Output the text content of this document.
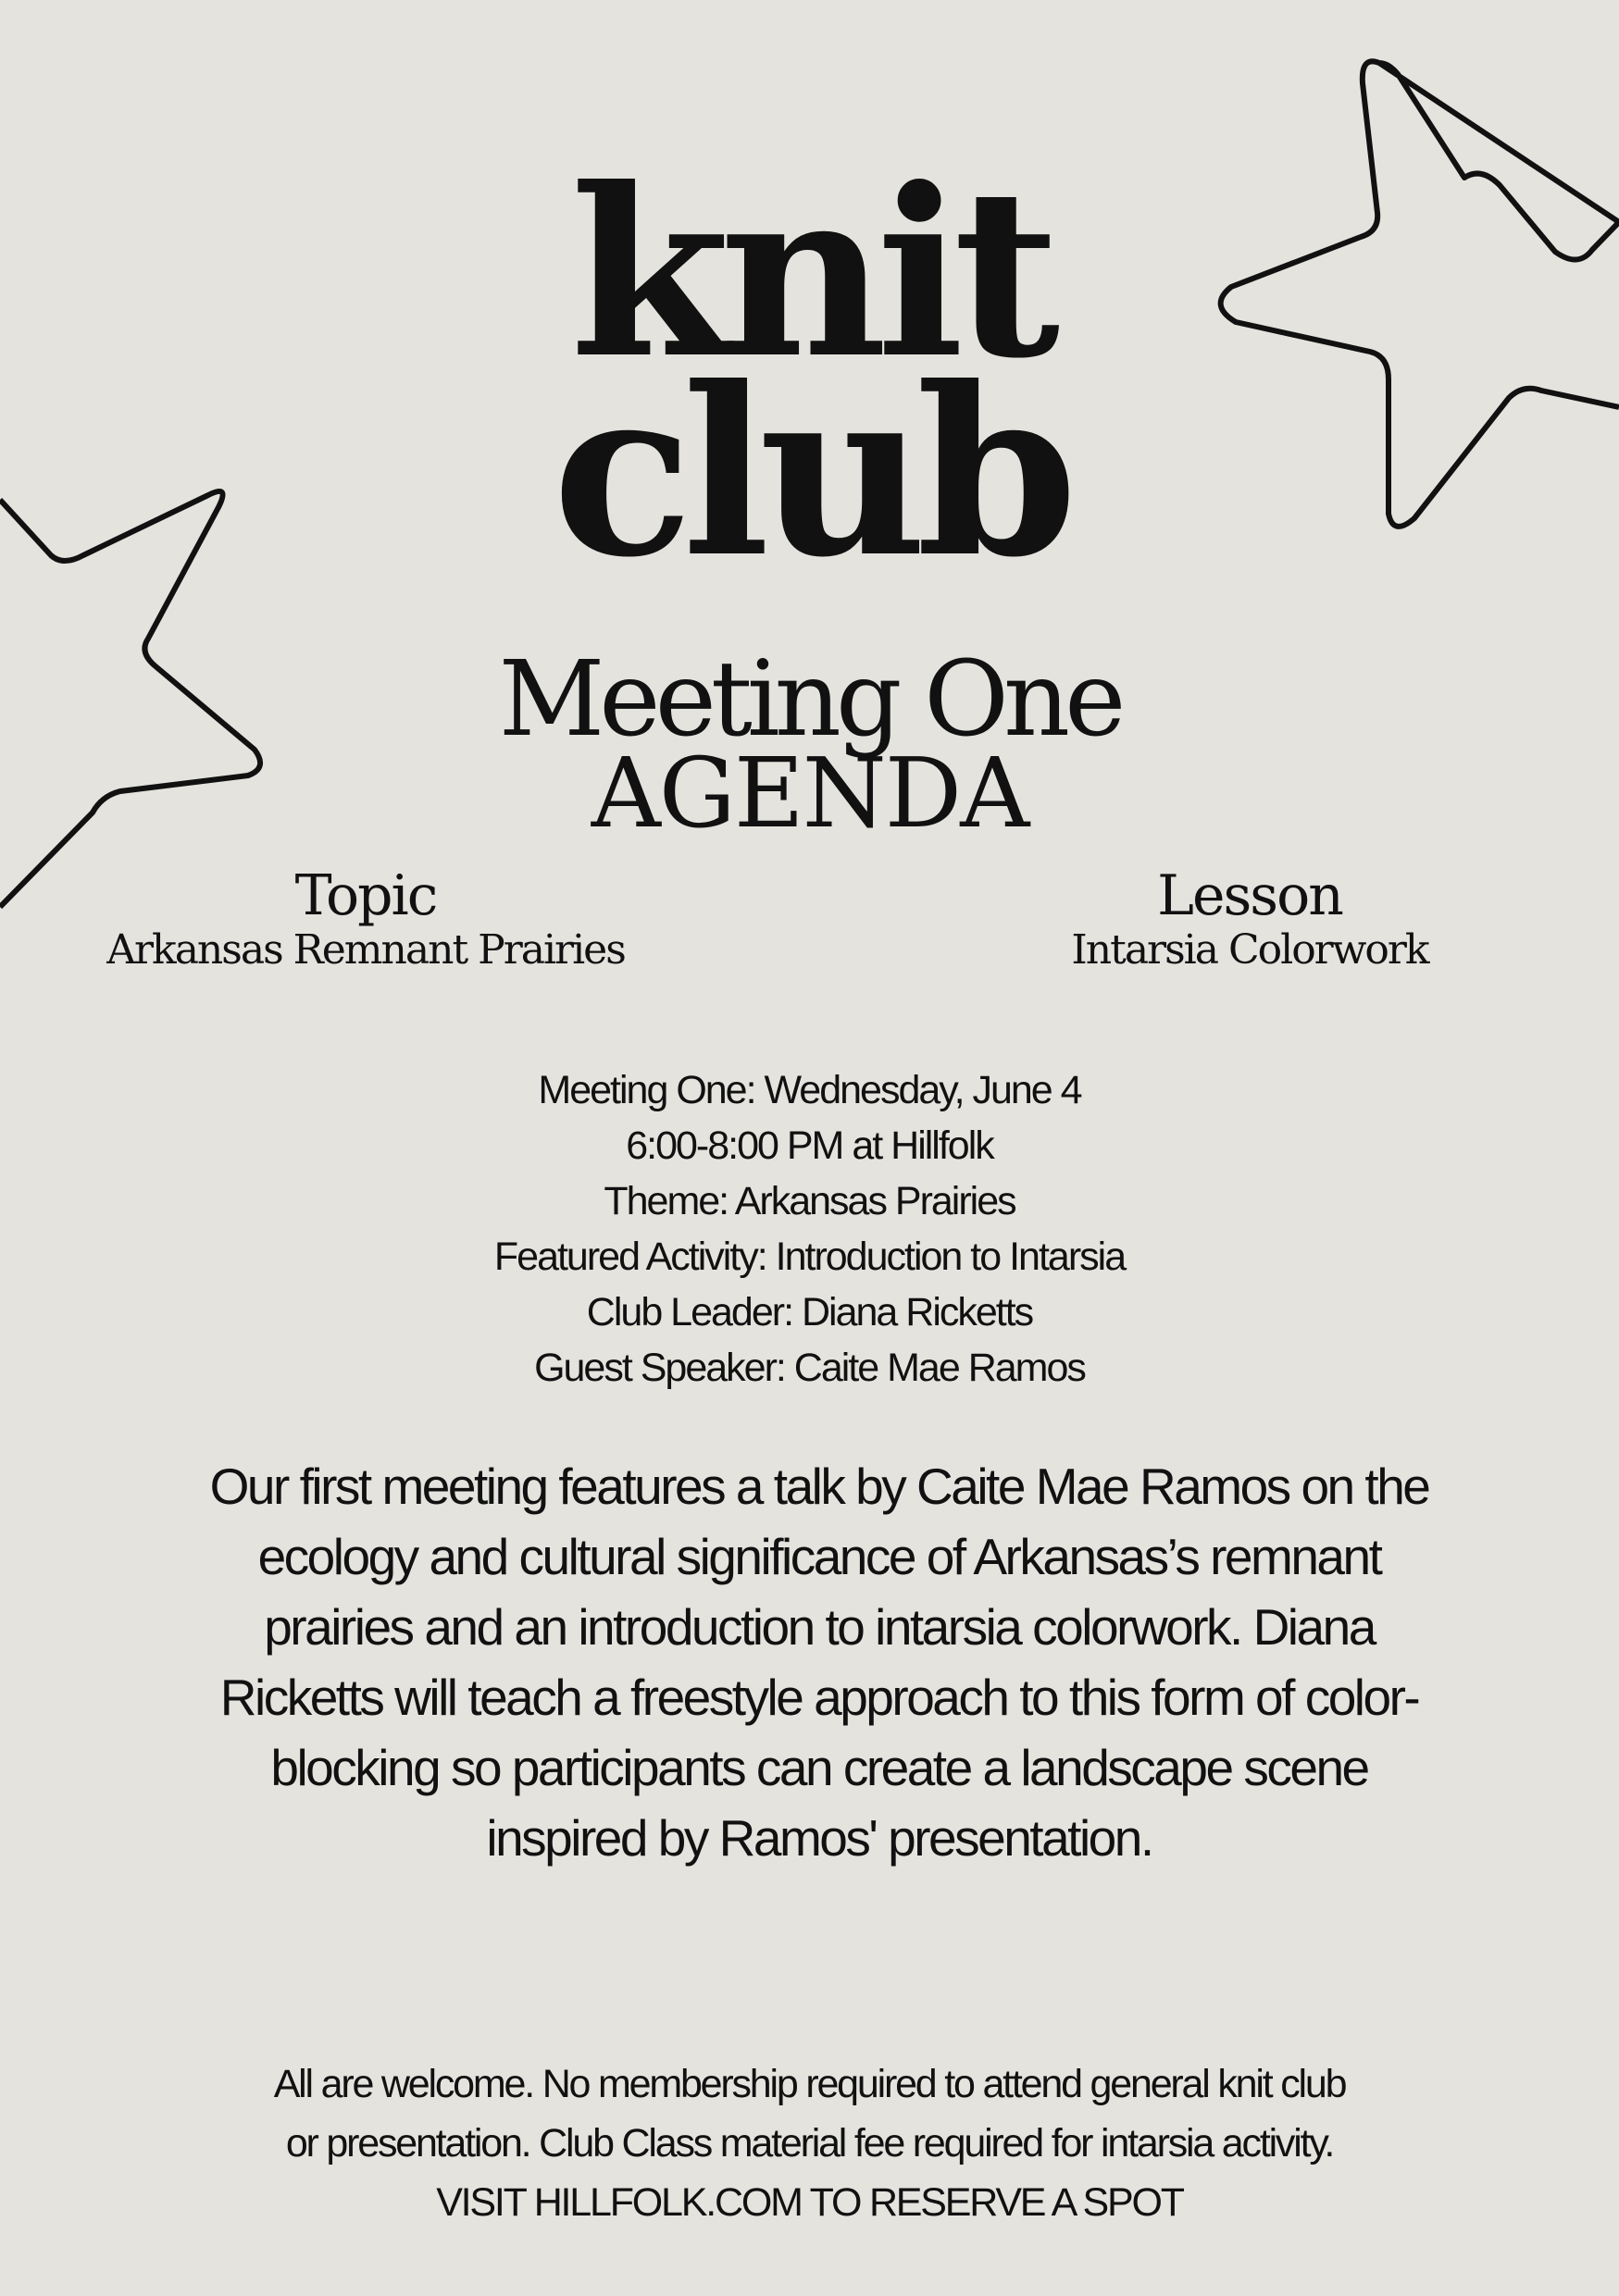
knit
club
Meeting One
AGENDA
Topic
Arkansas Remnant Prairies
Lesson
Intarsia Colorwork
Meeting One: Wednesday, June 4
6:00-8:00 PM at Hillfolk
Theme: Arkansas Prairies
Featured Activity: Introduction to Intarsia
Club Leader: Diana Ricketts
Guest Speaker: Caite Mae Ramos
Our first meeting features a talk by Caite Mae Ramos on the ecology and cultural significance of Arkansas’s remnant prairies and an introduction to intarsia colorwork. Diana Ricketts will teach a freestyle approach to this form of color-blocking so participants can create a landscape scene inspired by Ramos' presentation.
All are welcome. No membership required to attend general knit club
or presentation. Club Class material fee required for intarsia activity.
VISIT HILLFOLK.COM TO RESERVE A SPOT
